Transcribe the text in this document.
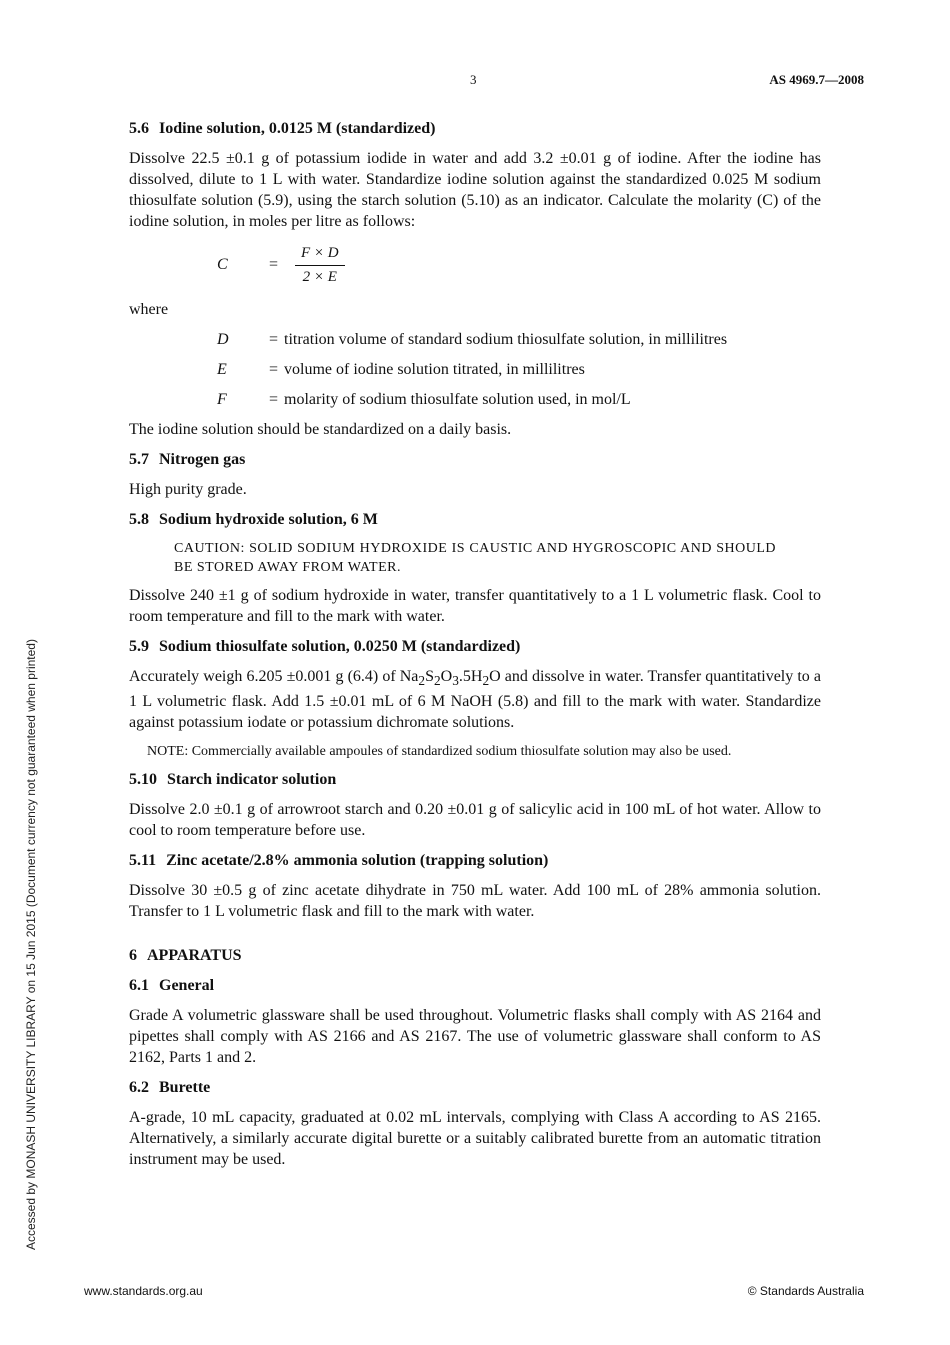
3	AS 4969.7—2008
Accessed by MONASH UNIVERSITY LIBRARY on 15 Jun 2015 (Document currency not guaranteed when printed)
5.6 Iodine solution, 0.0125 M (standardized)

Dissolve 22.5 ±0.1 g of potassium iodide in water and add 3.2 ±0.01 g of iodine. After the iodine has dissolved, dilute to 1 L with water. Standardize iodine solution against the standardized 0.025 M sodium thiosulfate solution (5.9), using the starch solution (5.10) as an indicator. Calculate the molarity (C) of the iodine solution, in moles per litre as follows:

C	=	$\frac{F \times D}{2 \times E}$

where

D	= titration volume of standard sodium thiosulfate solution, in millilitres
E	= volume of iodine solution titrated, in millilitres
F	= molarity of sodium thiosulfate solution used, in mol/L

The iodine solution should be standardized on a daily basis.

5.7 Nitrogen gas

High purity grade.

5.8 Sodium hydroxide solution, 6 M
CAUTION: SOLID SODIUM HYDROXIDE IS CAUSTIC AND HYGROSCOPIC AND SHOULD BE STORED AWAY FROM WATER.

Dissolve 240 ±1 g of sodium hydroxide in water, transfer quantitatively to a 1 L volumetric flask. Cool to room temperature and fill to the mark with water.

5.9 Sodium thiosulfate solution, 0.0250 M (standardized)

Accurately weigh 6.205 ±0.001 g (6.4) of $Na_2S_2O_3.5H_2O$ and dissolve in water. Transfer quantitatively to a 1 L volumetric flask. Add 1.5 ±0.01 mL of 6 M NaOH (5.8) and fill to the mark with water. Standardize against potassium iodate or potassium dichromate solutions.

NOTE: Commercially available ampoules of standardized sodium thiosulfate solution may also be used.
5.10 Starch indicator solution

Dissolve 2.0 ±0.1 g of arrowroot starch and 0.20 ±0.01 g of salicylic acid in 100 mL of hot water. Allow to cool to room temperature before use.

5.11 Zinc acetate/2.8% ammonia solution (trapping solution)

Dissolve 30 ±0.5 g of zinc acetate dihydrate in 750 mL water. Add 100 mL of 28% ammonia solution. Transfer to 1 L volumetric flask and fill to the mark with water.

6 APPARATUS
6.1 General

Grade A volumetric glassware shall be used throughout. Volumetric flasks shall comply with AS 2164 and pipettes shall comply with AS 2166 and AS 2167. The use of volumetric glassware shall conform to AS 2162, Parts 1 and 2.

6.2 Burette

A-grade, 10 mL capacity, graduated at 0.02 mL intervals, complying with Class A according to AS 2165. Alternatively, a similarly accurate digital burette or a suitably calibrated burette from an automatic titration instrument may be used.

www.standards.org.au	© Standards Australia
